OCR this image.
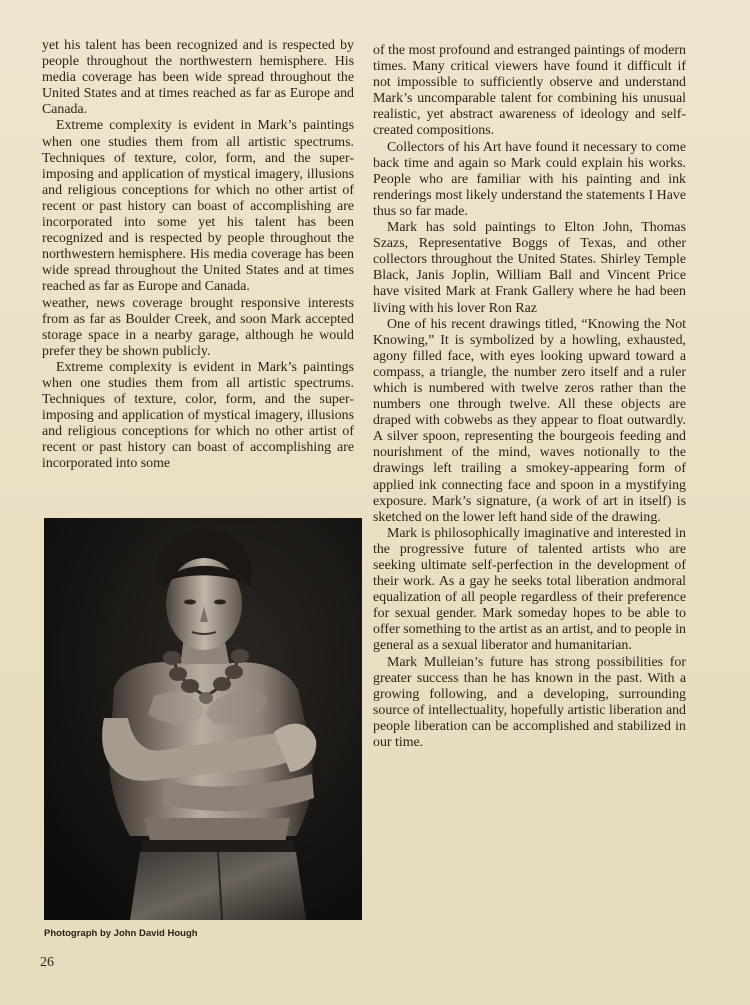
yet his talent has been recognized and is respected by people throughout the northwestern hemisphere. His media coverage has been wide spread throughout the United States and at times reached as far as Europe and Canada.

Extreme complexity is evident in Mark’s paintings when one studies them from all artistic spectrums. Techniques of texture, color, form, and the super-imposing and application of mystical imagery, illusions and religious conceptions for which no other artist of recent or past history can boast of accomplishing are incorporated into some yet his talent has been recognized and is respected by people throughout the northwestern hemisphere. His media coverage has been wide spread throughout the United States and at times reached as far as Europe and Canada.

weather, news coverage brought responsive interests from as far as Boulder Creek, and soon Mark accepted storage space in a nearby garage, although he would prefer they be shown publicly.

Extreme complexity is evident in Mark’s paintings when one studies them from all artistic spectrums. Techniques of texture, color, form, and the super-imposing and application of mystical imagery, illusions and religious conceptions for which no other artist of recent or past history can boast of accomplishing are incorporated into some

of the most profound and estranged paintings of modern times. Many critical viewers have found it difficult if not impossible to sufficiently observe and understand Mark’s uncomparable talent for combining his unusual realistic, yet abstract awareness of ideology and self-created compositions.

Collectors of his Art have found it necessary to come back time and again so Mark could explain his works. People who are familiar with his painting and ink renderings most likely understand the statements I Have thus so far made.

Mark has sold paintings to Elton John, Thomas Szazs, Representative Boggs of Texas, and other collectors throughout the United States. Shirley Temple Black, Janis Joplin, William Ball and Vincent Price have visited Mark at Frank Gallery where he had been living with his lover Ron Raz

One of his recent drawings titled, “Knowing the Not Knowing,” It is symbolized by a howling, exhausted, agony filled face, with eyes looking upward toward a compass, a triangle, the number zero itself and a ruler which is numbered with twelve zeros rather than the numbers one through twelve. All these objects are draped with cobwebs as they appear to float outwardly. A silver spoon, representing the bourgeois feeding and nourishment of the mind, waves notionally to the drawings left trailing a smokey-appearing form of applied ink connecting face and spoon in a mystifying exposure. Mark’s signature, (a work of art in itself) is sketched on the lower left hand side of the drawing.

Mark is philosophically imaginative and interested in the progressive future of talented artists who are seeking ultimate self-perfection in the development of their work. As a gay he seeks total liberation andmoral equalization of all people regardless of their preference for sexual gender. Mark someday hopes to be able to offer something to the artist as an artist, and to people in general as a sexual liberator and humanitarian.

Mark Mulleian’s future has strong possibilities for greater success than he has known in the past. With a growing following, and a developing, surrounding source of intellectuality, hopefully artistic liberation and people liberation can be accomplished and stabilized in our time.

Photograph by John David Hough
26
